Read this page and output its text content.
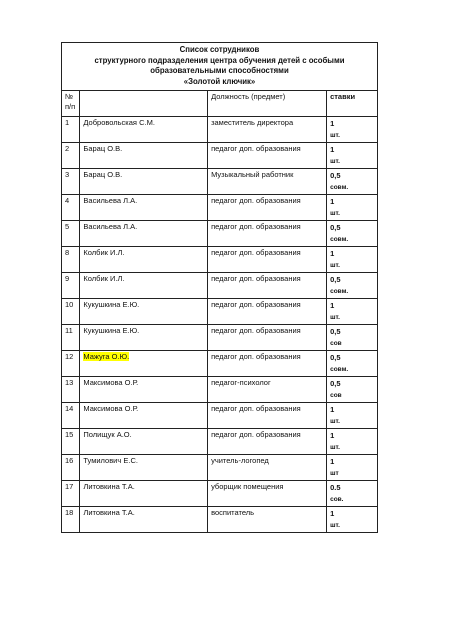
Список сотрудников
структурного подразделения центра обучения детей с особыми
образовательными способностями
«Золотой ключик»			

№
п/п		Должность (предмет)	ставки
1	Добровольская С.М.	заместитель директора	1
шт.

2	Барац О.В.	педагог доп. образования	1
шт.

3	Барац О.В.	Музыкальный работник	0,5
совм.

4	Васильева Л.А.	педагог доп. образования	1
шт.

5	Васильева Л.А.	педагог доп. образования	0,5
совм.

8	Колбик И.Л.	педагог доп. образования	1
шт.

9	Колбик И.Л.	педагог доп. образования	0,5
совм.

10	Кукушкина Е.Ю.	педагог доп. образования	1
шт.

11	Кукушкина Е.Ю.	педагог доп. образования	0,5
сов

12	Мажуга О.Ю.	педагог доп. образования	0,5
совм.

13	Максимова О.Р.	педагог-психолог	0,5
сов

14	Максимова О.Р.	педагог доп. образования	1
шт.

15	Полищук А.О.	педагог доп. образования	1
шт.

16	Тумилович Е.С.	учитель-логопед	1
шт

17	Литовкина Т.А.	уборщик помещения	0.5
сов.

18	Литовкина Т.А.	воспитатель	1
шт.
